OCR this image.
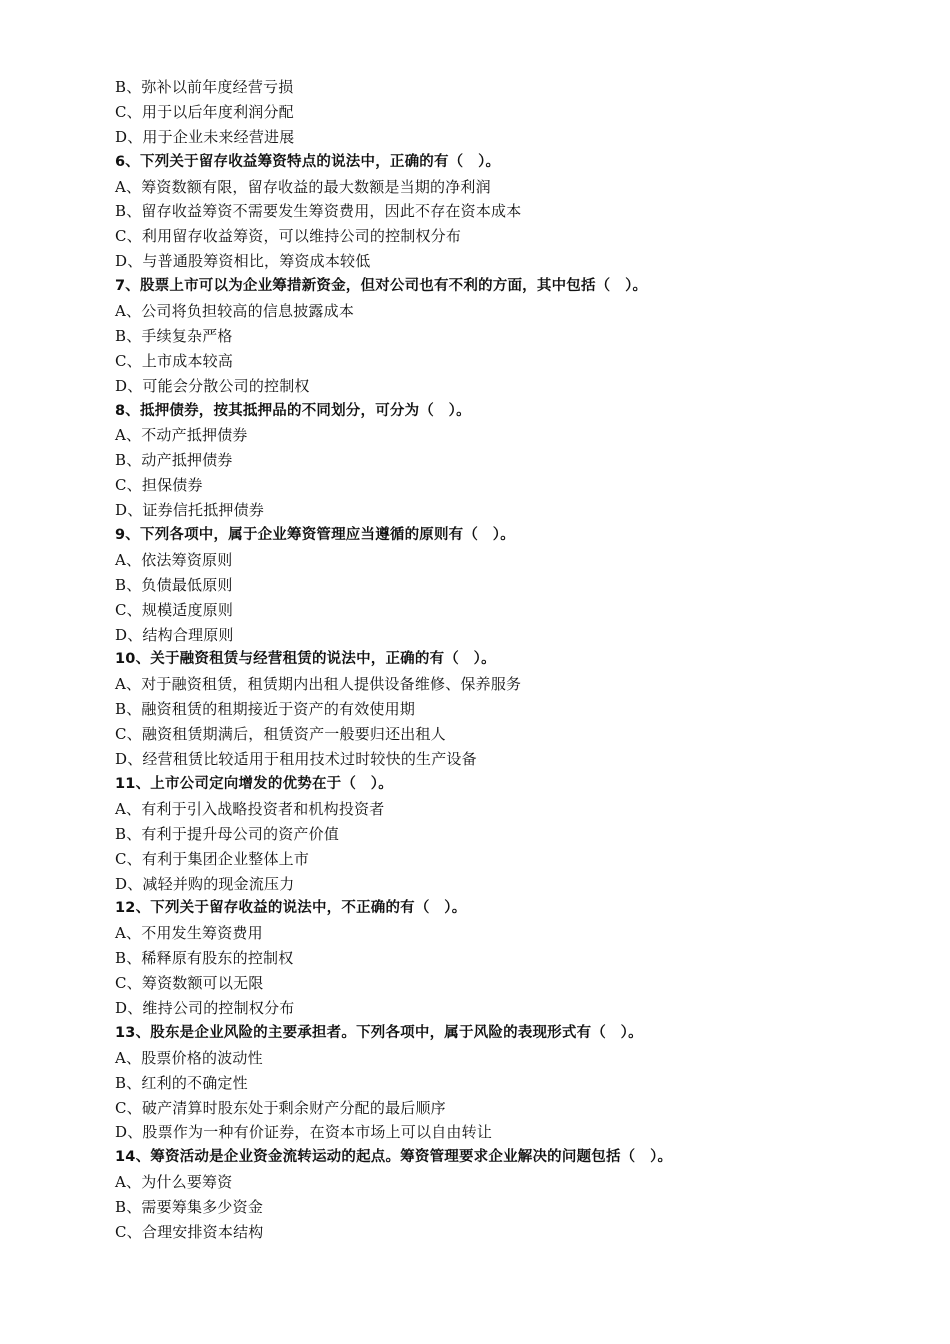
B、弥补以前年度经营亏损
C、用于以后年度利润分配
D、用于企业未来经营进展
6、下列关于留存收益筹资特点的说法中，正确的有（　）。
A、筹资数额有限，留存收益的最大数额是当期的净利润
B、留存收益筹资不需要发生筹资费用，因此不存在资本成本
C、利用留存收益筹资，可以维持公司的控制权分布
D、与普通股筹资相比，筹资成本较低
7、股票上市可以为企业筹措新资金，但对公司也有不利的方面，其中包括（　）。
A、公司将负担较高的信息披露成本
B、手续复杂严格
C、上市成本较高
D、可能会分散公司的控制权
8、抵押债券，按其抵押品的不同划分，可分为（　）。
A、不动产抵押债券
B、动产抵押债券
C、担保债券
D、证券信托抵押债券
9、下列各项中，属于企业筹资管理应当遵循的原则有（　）。
A、依法筹资原则
B、负债最低原则
C、规模适度原则
D、结构合理原则
10、关于融资租赁与经营租赁的说法中，正确的有（　）。
A、对于融资租赁，租赁期内出租人提供设备维修、保养服务
B、融资租赁的租期接近于资产的有效使用期
C、融资租赁期满后，租赁资产一般要归还出租人
D、经营租赁比较适用于租用技术过时较快的生产设备
11、上市公司定向增发的优势在于（　）。
A、有利于引入战略投资者和机构投资者
B、有利于提升母公司的资产价值
C、有利于集团企业整体上市
D、减轻并购的现金流压力
12、下列关于留存收益的说法中，不正确的有（　）。
A、不用发生筹资费用
B、稀释原有股东的控制权
C、筹资数额可以无限
D、维持公司的控制权分布
13、股东是企业风险的主要承担者。下列各项中，属于风险的表现形式有（　）。
A、股票价格的波动性
B、红利的不确定性
C、破产清算时股东处于剩余财产分配的最后顺序
D、股票作为一种有价证券，在资本市场上可以自由转让
14、筹资活动是企业资金流转运动的起点。筹资管理要求企业解决的问题包括（　）。
A、为什么要筹资
B、需要筹集多少资金
C、合理安排资本结构
